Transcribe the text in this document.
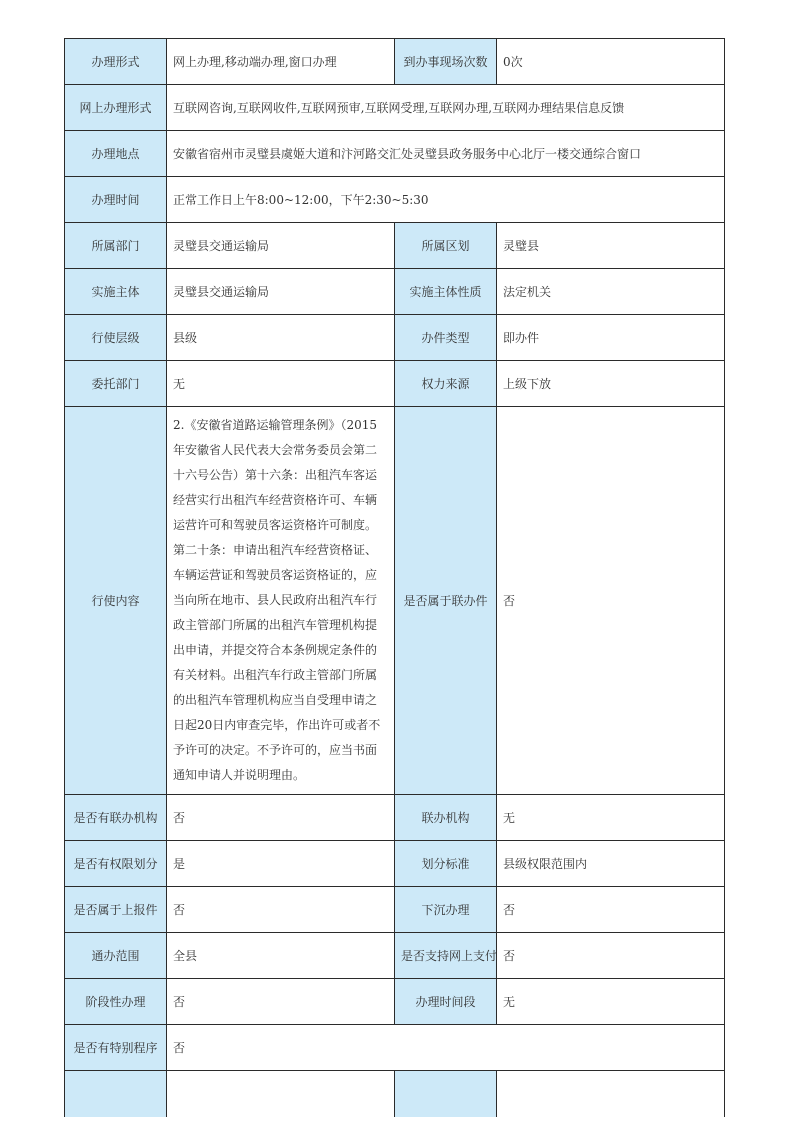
办理形式	网上办理,移动端办理,窗口办理	到办事现场次数	0次
网上办理形式	互联网咨询,互联网收件,互联网预审,互联网受理,互联网办理,互联网办理结果信息反馈		
办理地点	安徽省宿州市灵璧县虞姬大道和汴河路交汇处灵璧县政务服务中心北厅一楼交通综合窗口		
办理时间	正常工作日上午8:00~12:00，下午2:30~5:30		
所属部门	灵璧县交通运输局	所属区划	灵璧县
实施主体	灵璧县交通运输局	实施主体性质	法定机关
行使层级	县级	办件类型	即办件
委托部门	无	权力来源	上级下放
行使内容	2.《安徽省道路运输管理条例》（2015年安徽省人民代表大会常务委员会第二十六号公告）第十六条：出租汽车客运经营实行出租汽车经营资格许可、车辆运营许可和驾驶员客运资格许可制度。 第二十条：申请出租汽车经营资格证、车辆运营证和驾驶员客运资格证的，应当向所在地市、县人民政府出租汽车行政主管部门所属的出租汽车管理机构提出申请，并提交符合本条例规定条件的有关材料。出租汽车行政主管部门所属的出租汽车管理机构应当自受理申请之日起20日内审查完毕，作出许可或者不予许可的决定。不予许可的，应当书面通知申请人并说明理由。	是否属于联办件	否
是否有联办机构	否	联办机构	无
是否有权限划分	是	划分标准	县级权限范围内
是否属于上报件	否	下沉办理	否
通办范围	全县	是否支持网上支付	否
阶段性办理	否	办理时间段	无
是否有特别程序	否		
